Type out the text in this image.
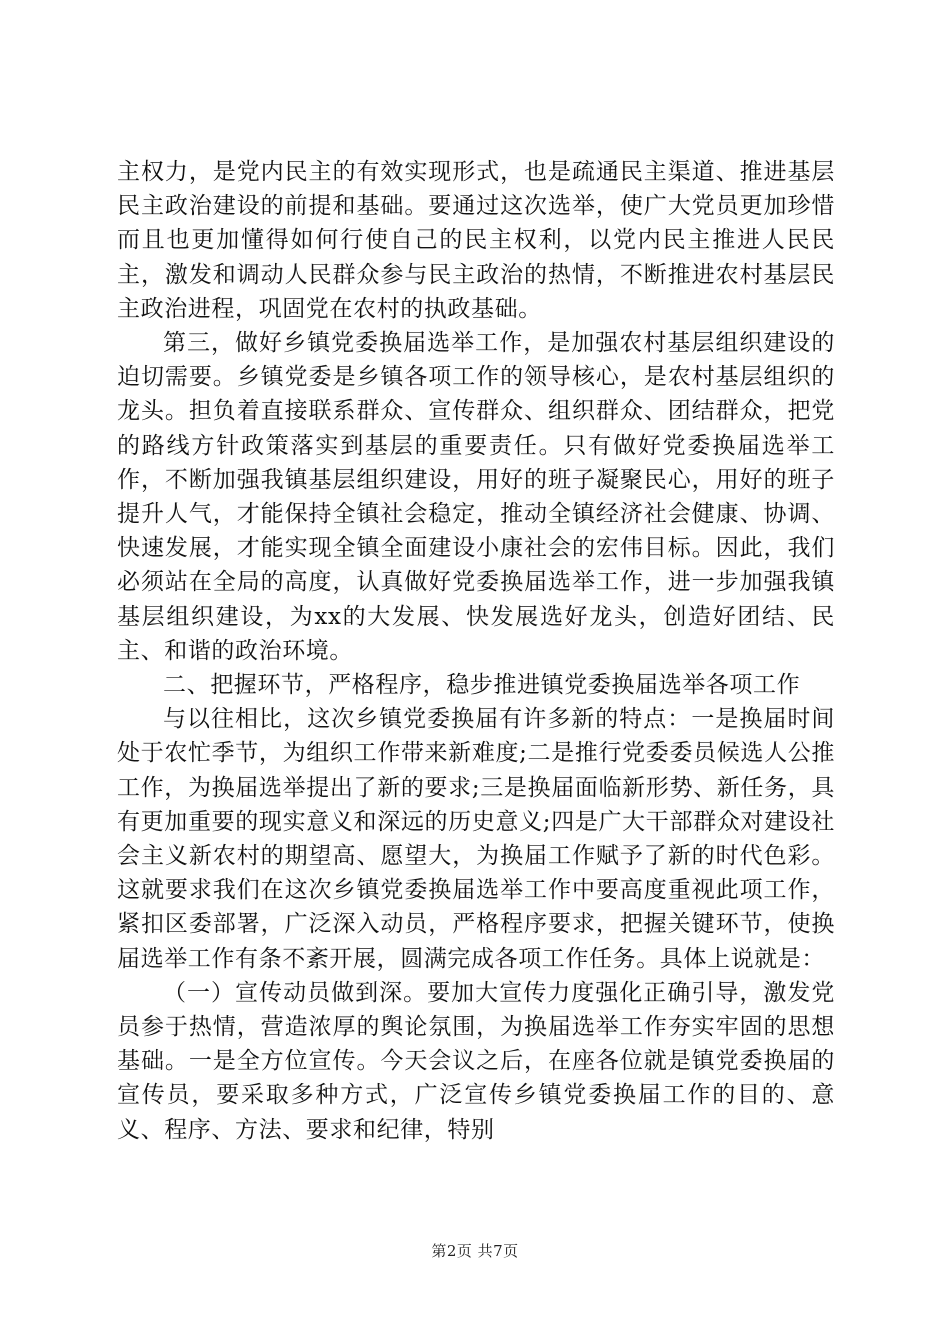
主权力，是党内民主的有效实现形式，也是疏通民主渠道、推进基层民主政治建设的前提和基础。要通过这次选举，使广大党员更加珍惜而且也更加懂得如何行使自己的民主权利，以党内民主推进人民民主，激发和调动人民群众参与民主政治的热情，不断推进农村基层民主政治进程，巩固党在农村的执政基础。

第三，做好乡镇党委换届选举工作，是加强农村基层组织建设的迫切需要。乡镇党委是乡镇各项工作的领导核心，是农村基层组织的龙头。担负着直接联系群众、宣传群众、组织群众、团结群众，把党的路线方针政策落实到基层的重要责任。只有做好党委换届选举工作，不断加强我镇基层组织建设，用好的班子凝聚民心，用好的班子提升人气，才能保持全镇社会稳定，推动全镇经济社会健康、协调、快速发展，才能实现全镇全面建设小康社会的宏伟目标。因此，我们必须站在全局的高度，认真做好党委换届选举工作，进一步加强我镇基层组织建设，为xx的大发展、快发展选好龙头，创造好团结、民主、和谐的政治环境。

二、把握环节，严格程序，稳步推进镇党委换届选举各项工作

与以往相比，这次乡镇党委换届有许多新的特点：一是换届时间处于农忙季节，为组织工作带来新难度;二是推行党委委员候选人公推工作，为换届选举提出了新的要求;三是换届面临新形势、新任务，具有更加重要的现实意义和深远的历史意义;四是广大干部群众对建设社会主义新农村的期望高、愿望大，为换届工作赋予了新的时代色彩。这就要求我们在这次乡镇党委换届选举工作中要高度重视此项工作，紧扣区委部署，广泛深入动员，严格程序要求，把握关键环节，使换届选举工作有条不紊开展，圆满完成各项工作任务。具体上说就是：

（一）宣传动员做到深。要加大宣传力度强化正确引导，激发党员参于热情，营造浓厚的舆论氛围，为换届选举工作夯实牢固的思想基础。一是全方位宣传。今天会议之后，在座各位就是镇党委换届的宣传员，要采取多种方式，广泛宣传乡镇党委换届工作的目的、意义、程序、方法、要求和纪律，特别

第2页 共7页
